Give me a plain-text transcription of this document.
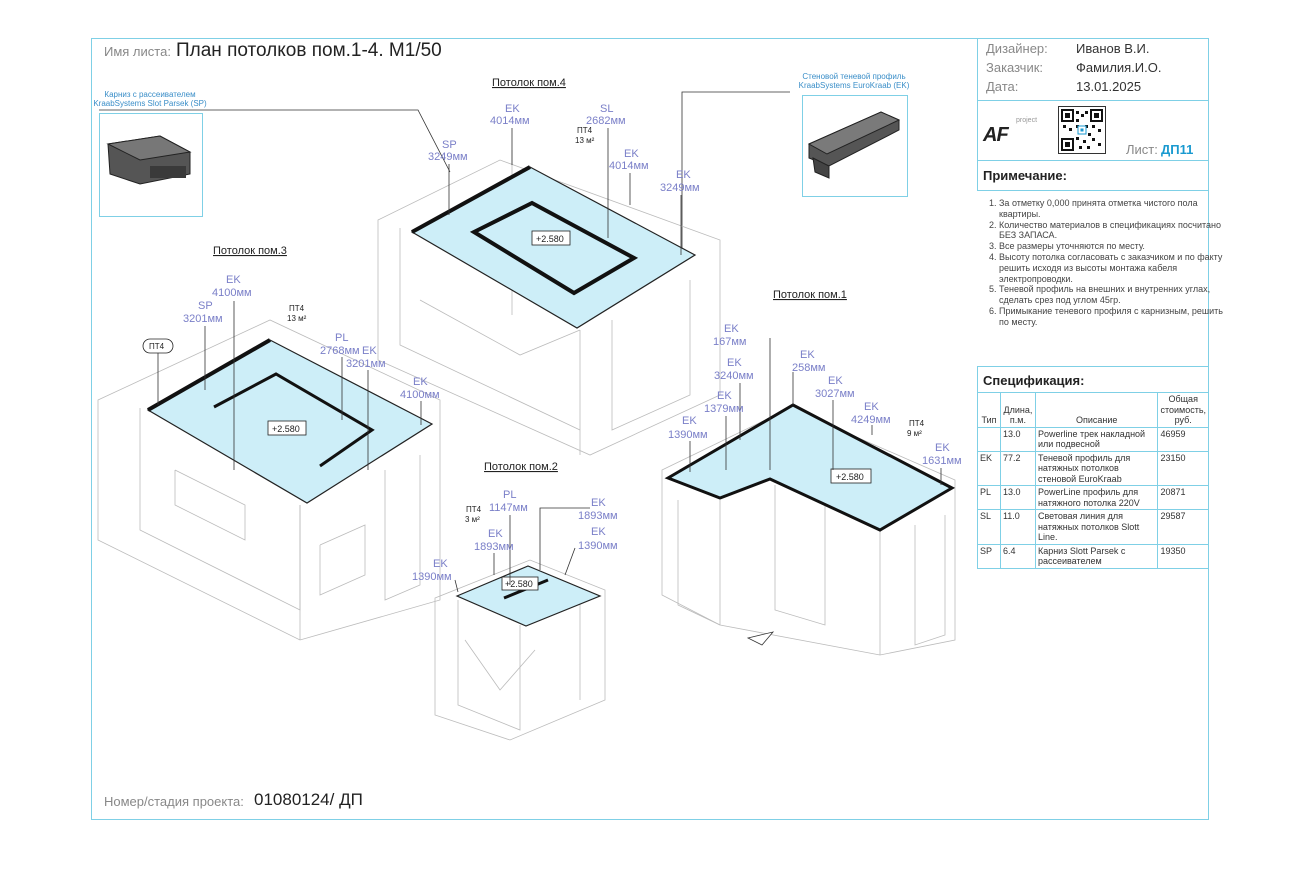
Имя листа: План потолков пом.1-4. М1/50	Дизайнер: Иванов В.И.
Заказчик:	Фамилия.И.О.
Дата:	13.01.2025
AF
project
Лист: ДП11
Примечание:
1. За отметку 0,000 принята отметка чистого пола квартиры.
2. Количество материалов в спецификациях посчитано БЕЗ ЗАПАСА.
3. Все размеры уточняются по месту.
4. Высоту потолка согласовать с заказчиком и по факту решить исходя из высоты монтажа кабеля электропроводки.
5. Теневой профиль на внешних и внутренних углах, сделать срез под углом 45гр.
6. Примыкание теневого профиля с карнизным, решить по месту.
Спецификация:
Тип	Длина, п.м.	Описание	Общая стоимость, руб.
	13.0	Powerline трек накладной или подвесной	46959
EK	77.2	Теневой профиль для натяжных потолков стеновой EuroKraab	23150
PL	13.0	PowerLine профиль для натяжного потолка 220V	20871
SL	11.0	Световая линия для натяжных потолков Slott Line.	29587
SP	6.4	Карниз Slott Parsek с рассеивателем	19350
Карниз с рассеивателем KraabSystems Slot Parsek (SP)
Стеновой теневой профиль KraabSystems EuroKraab (EK)
+2.580
Потолок пом.4
ПТ4
13 м²
SP
3249мм
EK
4014мм
SL
2682мм
EK
4014мм
EK
3249мм
+2.580
Потолок пом.3
ПТ4
13 м²
ПТ4
EK
4100мм
SP
3201мм
PL
2768мм EK
3201мм
EK
4100мм
+2.580
Потолок пом.2
ПТ4
3 м²
PL
1147мм
EK
1893мм
EK
1893мм
EK
1390мм
EK
1390мм
+2.580
Потолок пом.1
ПТ4
9 м²
EK
167мм
EK
258мм
EK
3240мм	EK
3027мм
EK
1379мм	EK
4249мм
EK
1390мм
EK
1631мм
Номер/стадия проекта: 01080124/ ДП
